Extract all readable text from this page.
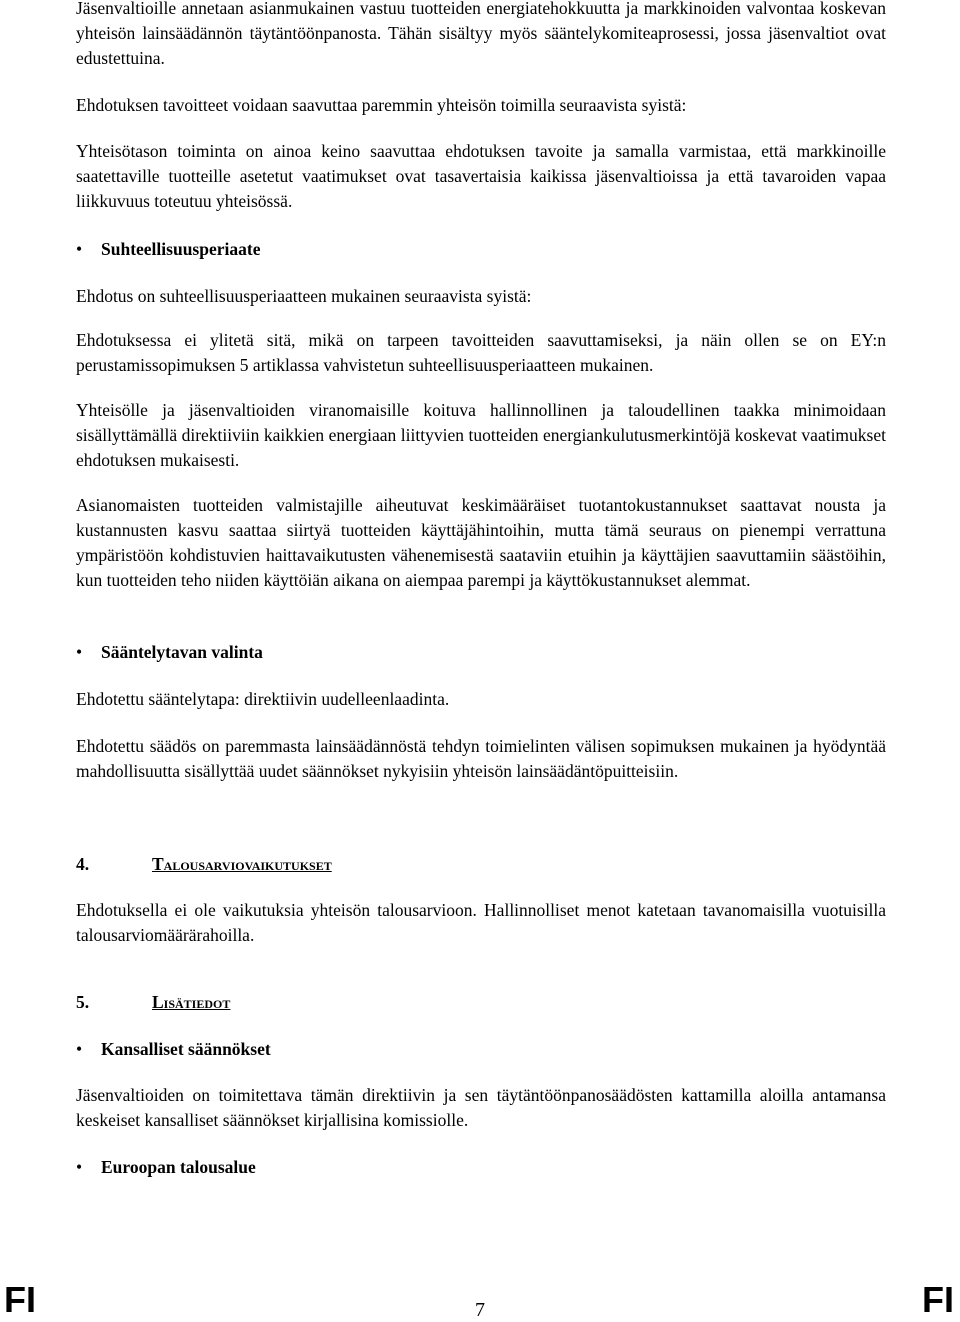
Jäsenvaltioille annetaan asianmukainen vastuu tuotteiden energiatehokkuutta ja markkinoiden valvontaa koskevan yhteisön lainsäädännön täytäntöönpanosta. Tähän sisältyy myös sääntelykomiteaprosessi, jossa jäsenvaltiot ovat edustettuina.

Ehdotuksen tavoitteet voidaan saavuttaa paremmin yhteisön toimilla seuraavista syistä:

Yhteisötason toiminta on ainoa keino saavuttaa ehdotuksen tavoite ja samalla varmistaa, että markkinoille saatettaville tuotteille asetetut vaatimukset ovat tasavertaisia kaikissa jäsenvaltioissa ja että tavaroiden vapaa liikkuvuus toteutuu yhteisössä.

•	Suhteellisuusperiaate

Ehdotus on suhteellisuusperiaatteen mukainen seuraavista syistä:

Ehdotuksessa ei ylitetä sitä, mikä on tarpeen tavoitteiden saavuttamiseksi, ja näin ollen se on EY:n perustamissopimuksen 5 artiklassa vahvistetun suhteellisuusperiaatteen mukainen.

Yhteisölle ja jäsenvaltioiden viranomaisille koituva hallinnollinen ja taloudellinen taakka minimoidaan sisällyttämällä direktiiviin kaikkien energiaan liittyvien tuotteiden energiankulutusmerkintöjä koskevat vaatimukset ehdotuksen mukaisesti.

Asianomaisten tuotteiden valmistajille aiheutuvat keskimääräiset tuotantokustannukset saattavat nousta ja kustannusten kasvu saattaa siirtyä tuotteiden käyttäjähintoihin, mutta tämä seuraus on pienempi verrattuna ympäristöön kohdistuvien haittavaikutusten vähenemisestä saataviin etuihin ja käyttäjien saavuttamiin säästöihin, kun tuotteiden teho niiden käyttöiän aikana on aiempaa parempi ja käyttökustannukset alemmat.

•	Sääntelytavan valinta

Ehdotettu sääntelytapa: direktiivin uudelleenlaadinta.

Ehdotettu säädös on paremmasta lainsäädännöstä tehdyn toimielinten välisen sopimuksen mukainen ja hyödyntää mahdollisuutta sisällyttää uudet säännökset nykyisiin yhteisön lainsäädäntöpuitteisiin.

4.	Talousarviovaikutukset

Ehdotuksella ei ole vaikutuksia yhteisön talousarvioon. Hallinnolliset menot katetaan tavanomaisilla vuotuisilla talousarviomäärärahoilla.

5.	Lisätiedot
•	Kansalliset säännökset

Jäsenvaltioiden on toimitettava tämän direktiivin ja sen täytäntöönpanosäädösten kattamilla aloilla antamansa keskeiset kansalliset säännökset kirjallisina komissiolle.

•	Euroopan talousalue
FI	7	FI
